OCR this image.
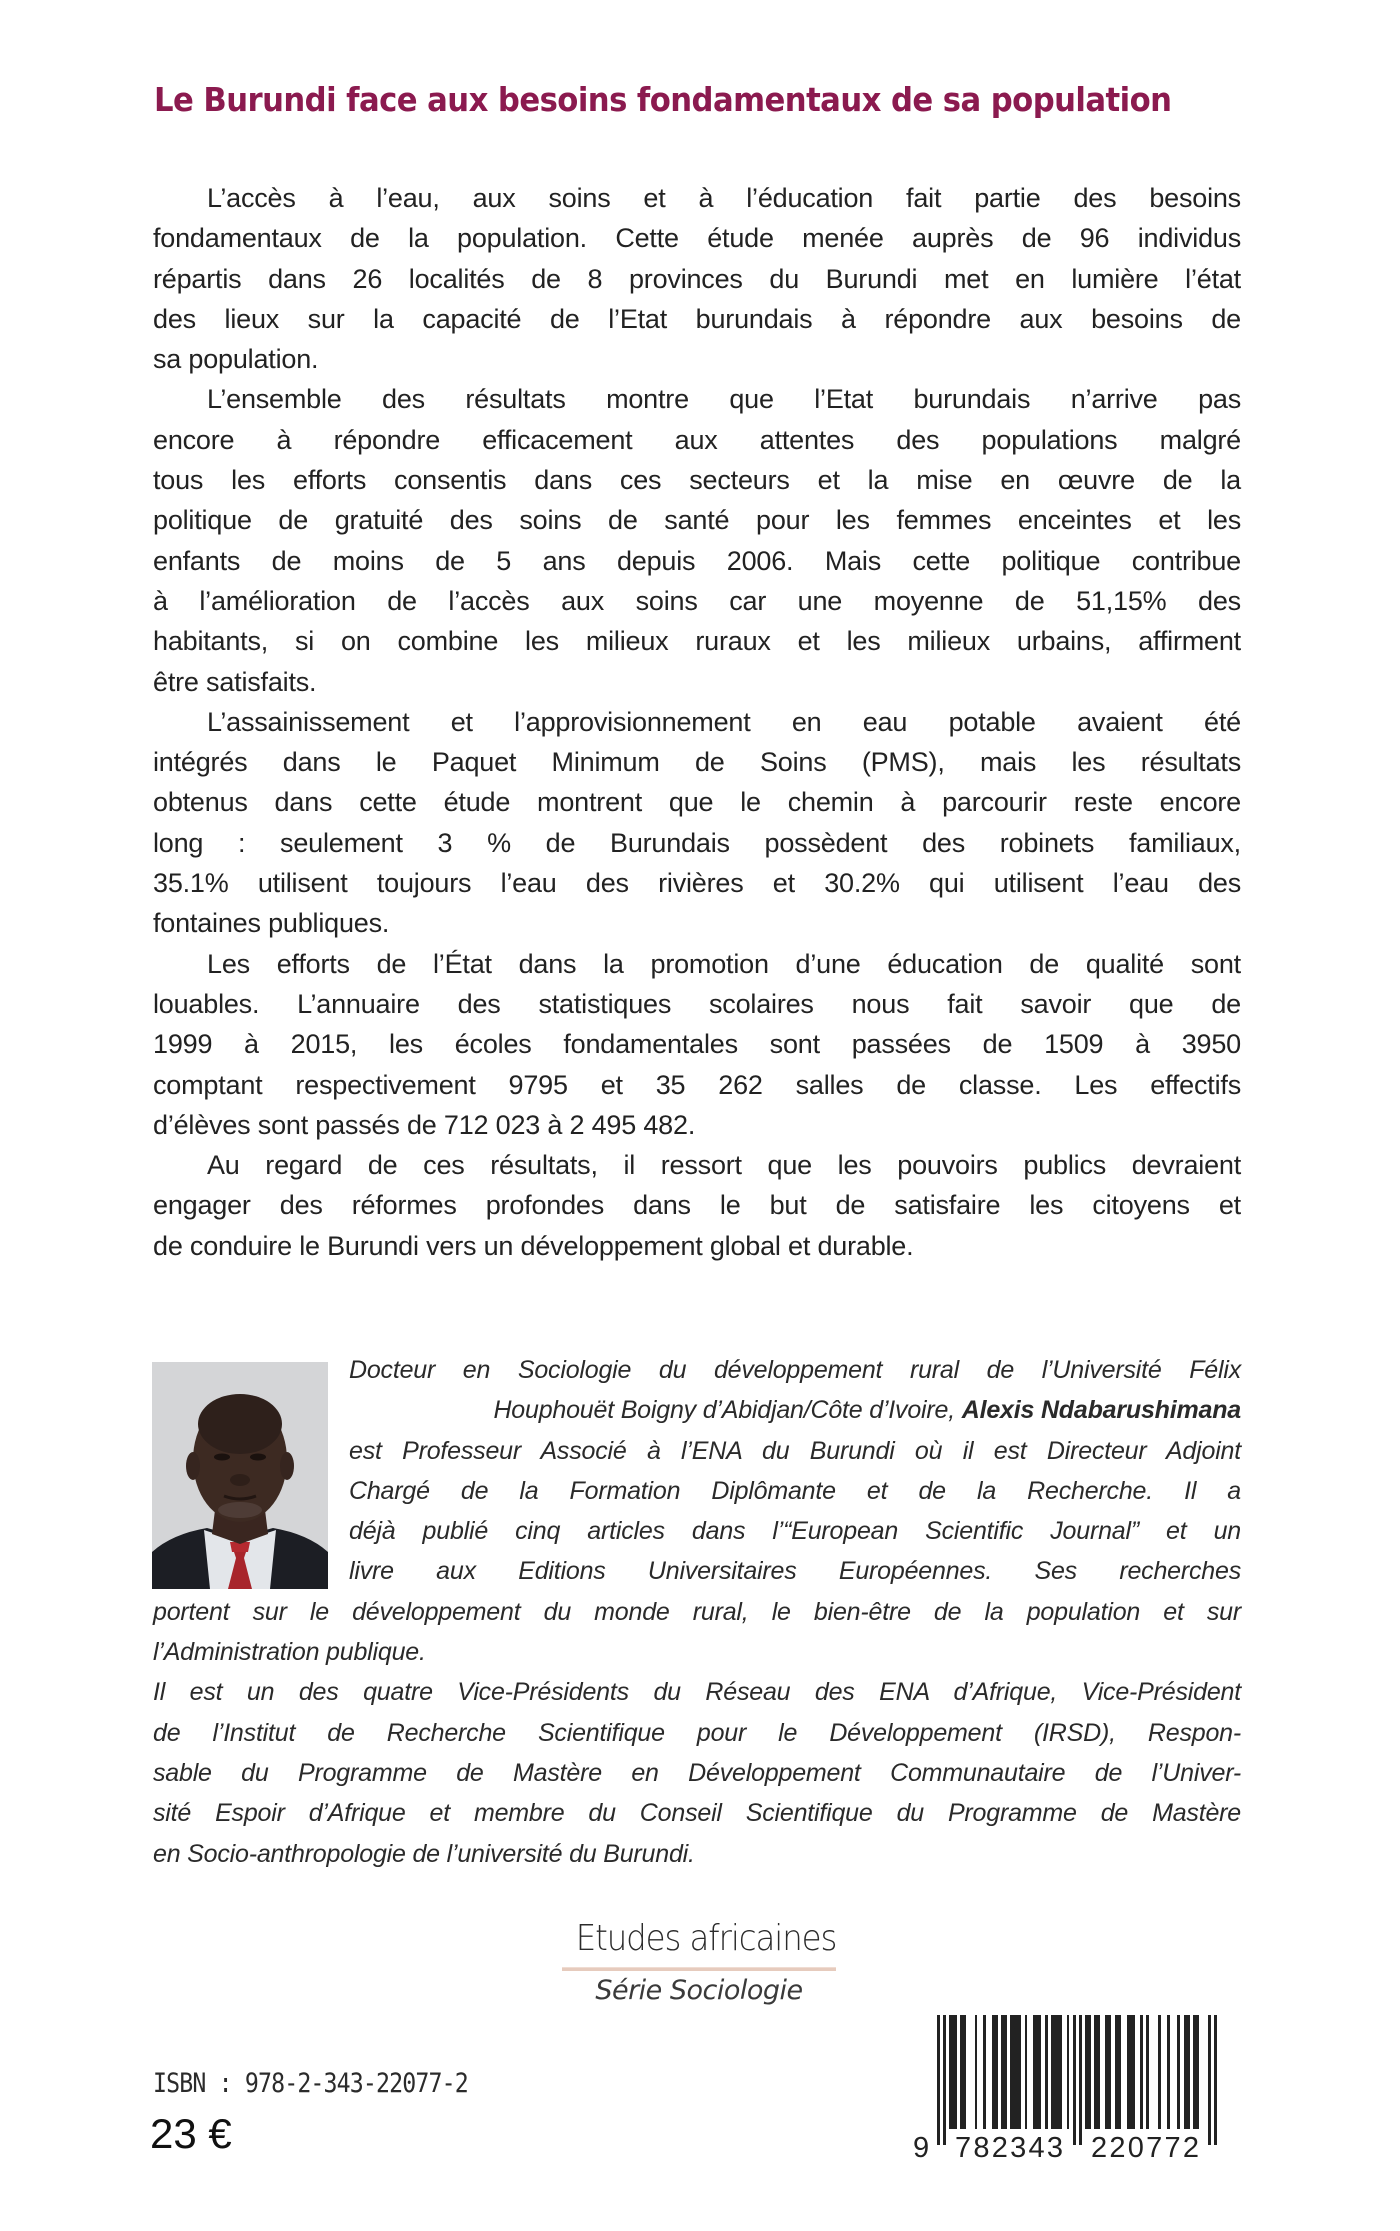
Le Burundi face aux besoins fondamentaux de sa population
L’accès à l’eau, aux soins et à l’éducation fait partie des besoins
fondamentaux de la population. Cette étude menée auprès de 96 individus
répartis dans 26 localités de 8 provinces du Burundi met en lumière l’état
des lieux sur la capacité de l’Etat burundais à répondre aux besoins de
sa population.
L’ensemble des résultats montre que l’Etat burundais n’arrive pas
encore à répondre efficacement aux attentes des populations malgré
tous les efforts consentis dans ces secteurs et la mise en œuvre de la
politique de gratuité des soins de santé pour les femmes enceintes et les
enfants de moins de 5 ans depuis 2006. Mais cette politique contribue
à l’amélioration de l’accès aux soins car une moyenne de 51,15% des
habitants, si on combine les milieux ruraux et les milieux urbains, affirment
être satisfaits.
L’assainissement et l’approvisionnement en eau potable avaient été
intégrés dans le Paquet Minimum de Soins (PMS), mais les résultats
obtenus dans cette étude montrent que le chemin à parcourir reste encore
long : seulement 3 % de Burundais possèdent des robinets familiaux,
35.1% utilisent toujours l’eau des rivières et 30.2% qui utilisent l’eau des
fontaines publiques.
Les efforts de l’État dans la promotion d’une éducation de qualité sont
louables. L’annuaire des statistiques scolaires nous fait savoir que de
1999 à 2015, les écoles fondamentales sont passées de 1509 à 3950
comptant respectivement 9795 et 35 262 salles de classe. Les effectifs
d’élèves sont passés de 712 023 à 2 495 482.
Au regard de ces résultats, il ressort que les pouvoirs publics devraient
engager des réformes profondes dans le but de satisfaire les citoyens et
de conduire le Burundi vers un développement global et durable.
Docteur en Sociologie du développement rural de l’Université Félix
Houphouët Boigny d’Abidjan/Côte d’Ivoire, Alexis Ndabarushimana
est Professeur Associé à l’ENA du Burundi où il est Directeur Adjoint
Chargé de la Formation Diplômante et de la Recherche. Il a
déjà publié cinq articles dans l’“European Scientific Journal” et un
livre aux Editions Universitaires Européennes. Ses recherches
portent sur le développement du monde rural, le bien-être de la population et sur
l’Administration publique.
Il est un des quatre Vice-Présidents du Réseau des ENA d’Afrique, Vice-Président
de l’Institut de Recherche Scientifique pour le Développement (IRSD), Respon-
sable du Programme de Mastère en Développement Communautaire de l’Univer-
sité Espoir d’Afrique et membre du Conseil Scientifique du Programme de Mastère
en Socio-anthropologie de l’université du Burundi.
Etudes africaines
Série Sociologie
ISBN : 978-2-343-22077-2
23 €	9 782343 220772
